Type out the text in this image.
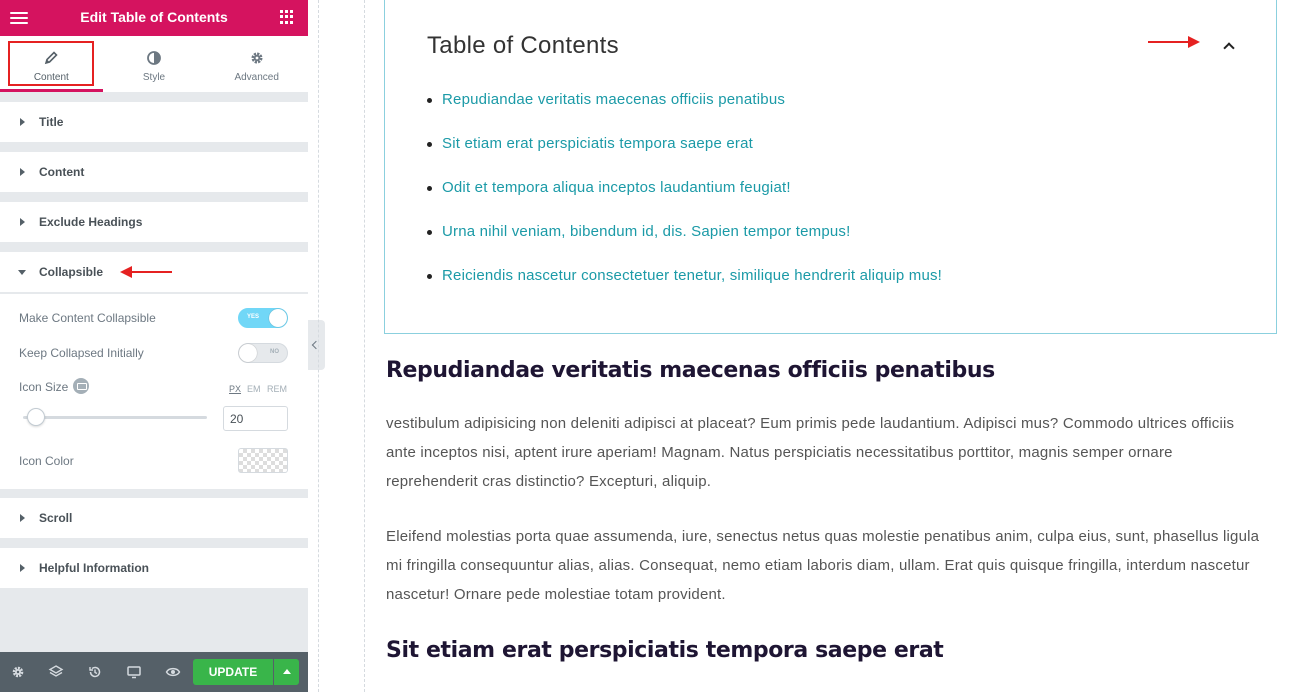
Edit Table of Contents
Content	Style	Advanced
Title
Content
Exclude Headings
Collapsible
Make Content Collapsible	YES
Keep Collapsed Initially	NO
Icon Size	PX EM REM
20
Icon Color
Scroll
Helpful Information
UPDATE
Table of Contents
Repudiandae veritatis maecenas officiis penatibus
Sit etiam erat perspiciatis tempora saepe erat
Odit et tempora aliqua inceptos laudantium feugiat!
Urna nihil veniam, bibendum id, dis. Sapien tempor tempus!
Reiciendis nascetur consectetuer tenetur, similique hendrerit aliquip mus!
Repudiandae veritatis maecenas officiis penatibus
vestibulum adipisicing non deleniti adipisci at placeat? Eum primis pede laudantium. Adipisci mus? Commodo ultrices officiis ante inceptos nisi, aptent irure aperiam! Magnam. Natus perspiciatis necessitatibus porttitor, magnis semper ornare reprehenderit cras distinctio? Excepturi, aliquip.
Eleifend molestias porta quae assumenda, iure, senectus netus quas molestie penatibus anim, culpa eius, sunt, phasellus ligula mi fringilla consequuntur alias, alias. Consequat, nemo etiam laboris diam, ullam. Erat quis quisque fringilla, interdum nascetur nascetur! Ornare pede molestiae totam provident.
Sit etiam erat perspiciatis tempora saepe erat
